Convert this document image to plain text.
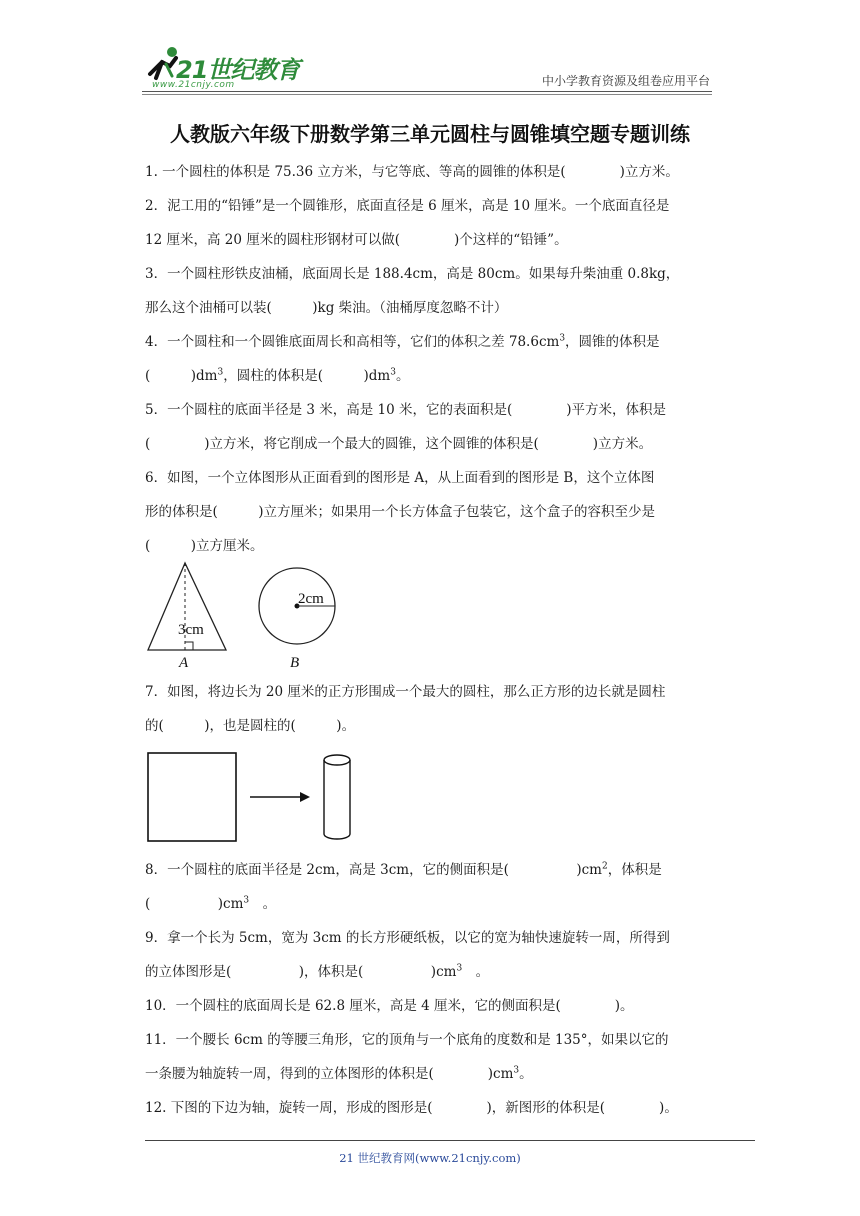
21世纪教育
www.21cnjy.com	中小学教育资源及组卷应用平台
人教版六年级下册数学第三单元圆柱与圆锥填空题专题训练
1. 一个圆柱的体积是 75.36 立方米，与它等底、等高的圆锥的体积是(　　　　)立方米。
2．泥工用的“铅锤”是一个圆锥形，底面直径是 6 厘米，高是 10 厘米。一个底面直径是
12 厘米，高 20 厘米的圆柱形钢材可以做(　　　　)个这样的“铅锤”。
3．一个圆柱形铁皮油桶，底面周长是 188.4cm，高是 80cm。如果每升柴油重 0.8kg，
那么这个油桶可以装(　　　)kg 柴油。（油桶厚度忽略不计）
4．一个圆柱和一个圆锥底面周长和高相等，它们的体积之差 $78.6cm^3$，圆锥的体积是
(　　　)$dm^3$，圆柱的体积是(　　　)$dm^3$。
5．一个圆柱的底面半径是 3 米，高是 10 米，它的表面积是(　　　　)平方米，体积是
(　　　　)立方米，将它削成一个最大的圆锥，这个圆锥的体积是(　　　　)立方米。
6．如图，一个立体图形从正面看到的图形是 A，从上面看到的图形是 B，这个立体图
形的体积是(　　　)立方厘米；如果用一个长方体盒子包装它，这个盒子的容积至少是
(　　　)立方厘米。
3cm
A
2cm
B
7．如图，将边长为 20 厘米的正方形围成一个最大的圆柱，那么正方形的边长就是圆柱
的(　　　)，也是圆柱的(　　　)。
8．一个圆柱的底面半径是 2cm，高是 3cm，它的侧面积是(　　　　　)$cm^2$，体积是
(　　　　　)$cm^3$　。
9．拿一个长为 5cm，宽为 3cm 的长方形硬纸板，以它的宽为轴快速旋转一周，所得到
的立体图形是(　　　　　)，体积是(　　　　　)$cm^3$　。
10．一个圆柱的底面周长是 62.8 厘米，高是 4 厘米，它的侧面积是(　　　　)。
11．一个腰长 6cm 的等腰三角形，它的顶角与一个底角的度数和是 135°，如果以它的
一条腰为轴旋转一周，得到的立体图形的体积是(　　　　)$cm^3$。
12. 下图的下边为轴，旋转一周，形成的图形是(　　　　)，新图形的体积是(　　　　)。
21 世纪教育网(www.21cnjy.com)
